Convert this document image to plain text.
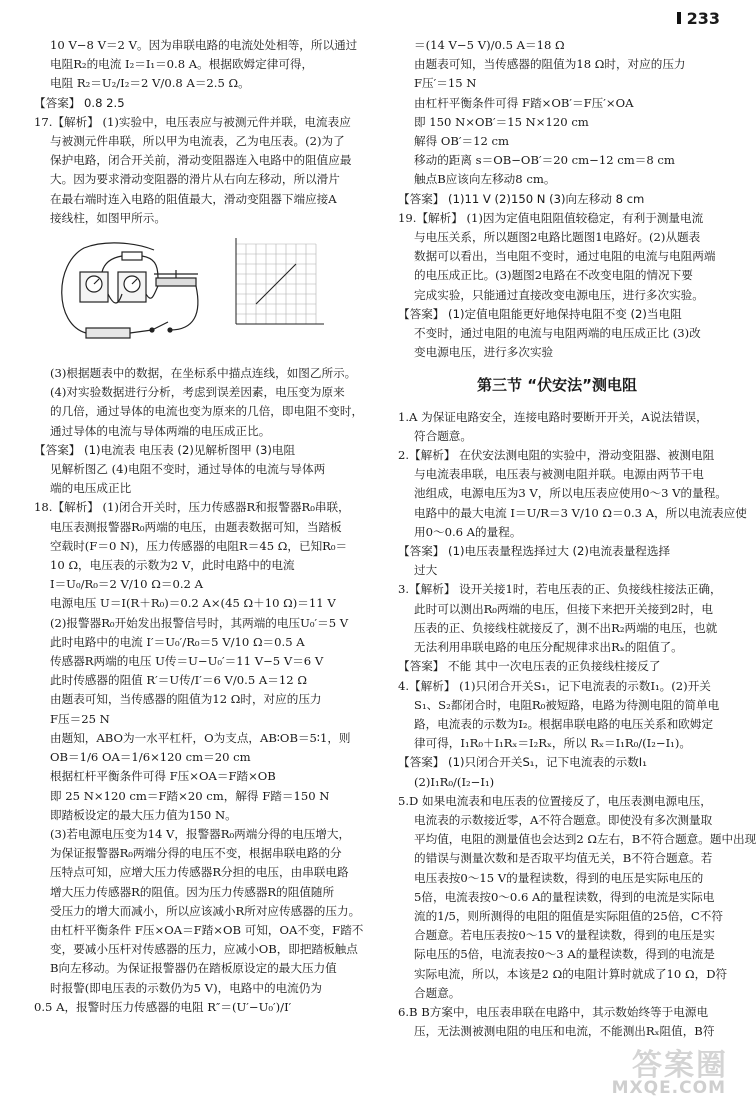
233
10 V−8 V＝2 V。因为串联电路的电流处处相等，所以通过
电阻R₂的电流 I₂＝I₁＝0.8 A。根据欧姆定律可得，
电阻 R₂＝U₂/I₂＝2 V/0.8 A＝2.5 Ω。
【答案】 0.8 2.5
17.【解析】 (1)实验中，电压表应与被测元件并联，电流表应
与被测元件串联，所以甲为电流表，乙为电压表。(2)为了
保护电路，闭合开关前，滑动变阻器连入电路中的阻值应最
大。因为要求滑动变阻器的滑片从右向左移动，所以滑片
在最右端时连入电路的阻值最大，滑动变阻器下端应接A
接线柱，如图甲所示。
(3)根据题表中的数据，在坐标系中描点连线，如图乙所示。
(4)对实验数据进行分析，考虑到误差因素，电压变为原来
的几倍，通过导体的电流也变为原来的几倍，即电阻不变时，
通过导体的电流与导体两端的电压成正比。
【答案】 (1)电流表 电压表 (2)见解析图甲 (3)电阻
见解析图乙 (4)电阻不变时，通过导体的电流与导体两
端的电压成正比
18.【解析】 (1)闭合开关时，压力传感器R和报警器R₀串联，
电压表测报警器R₀两端的电压，由题表数据可知，当踏板
空载时(F＝0 N)，压力传感器的电阻R＝45 Ω，已知R₀＝
10 Ω，电压表的示数为2 V，此时电路中的电流
I＝U₀/R₀＝2 V/10 Ω＝0.2 A
电源电压 U＝I(R＋R₀)＝0.2 A×(45 Ω＋10 Ω)＝11 V
(2)报警器R₀开始发出报警信号时，其两端的电压U₀′＝5 V
此时电路中的电流 I′＝U₀′/R₀＝5 V/10 Ω＝0.5 A
传感器R两端的电压 U传＝U−U₀′＝11 V−5 V＝6 V
此时传感器的阻值 R′＝U传/I′＝6 V/0.5 A＝12 Ω
由题表可知，当传感器的阻值为12 Ω时，对应的压力
F压＝25 N
由题知，ABO为一水平杠杆，O为支点，AB∶OB＝5∶1，则
OB＝1/6 OA＝1/6×120 cm＝20 cm
根据杠杆平衡条件可得 F压×OA＝F踏×OB
即 25 N×120 cm＝F踏×20 cm，解得 F踏＝150 N
即踏板设定的最大压力值为150 N。
(3)若电源电压变为14 V，报警器R₀两端分得的电压增大，
为保证报警器R₀两端分得的电压不变，根据串联电路的分
压特点可知，应增大压力传感器R分担的电压，由串联电路
增大压力传感器R的阻值。因为压力传感器R的阻值随所
受压力的增大而减小，所以应该减小R所对应传感器的压力。
由杠杆平衡条件 F压×OA＝F踏×OB 可知，OA不变，F踏不
变，要减小压杆对传感器的压力，应减小OB，即把踏板触点
B向左移动。为保证报警器仍在踏板原设定的最大压力值
时报警(即电压表的示数仍为5 V)，电路中的电流仍为
0.5 A，报警时压力传感器的电阻 R″＝(U′−U₀′)/I′
＝(14 V−5 V)/0.5 A＝18 Ω
由题表可知，当传感器的阻值为18 Ω时，对应的压力
F压′＝15 N
由杠杆平衡条件可得 F踏×OB′＝F压′×OA
即 150 N×OB′＝15 N×120 cm
解得 OB′＝12 cm
移动的距离 s＝OB−OB′＝20 cm−12 cm＝8 cm
触点B应该向左移动8 cm。
【答案】 (1)11 V (2)150 N (3)向左移动 8 cm
19.【解析】 (1)因为定值电阻阻值较稳定，有利于测量电流
与电压关系，所以题图2电路比题图1电路好。(2)从题表
数据可以看出，当电阻不变时，通过电阻的电流与电阻两端
的电压成正比。(3)题图2电路在不改变电阻的情况下要
完成实验，只能通过直接改变电源电压，进行多次实验。
【答案】 (1)定值电阻能更好地保持电阻不变 (2)当电阻
不变时，通过电阻的电流与电阻两端的电压成正比 (3)改
变电源电压，进行多次实验
第三节 “伏安法”测电阻
1.A 为保证电路安全，连接电路时要断开开关，A说法错误，
符合题意。
2.【解析】 在伏安法测电阻的实验中，滑动变阻器、被测电阻
与电流表串联，电压表与被测电阻并联。电源由两节干电
池组成，电源电压为3 V，所以电压表应使用0～3 V的量程。
电路中的最大电流 I＝U/R＝3 V/10 Ω＝0.3 A，所以电流表应使
用0～0.6 A的量程。
【答案】 (1)电压表量程选择过大 (2)电流表量程选择
过大
3.【解析】 设开关接1时，若电压表的正、负接线柱接法正确，
此时可以测出R₀两端的电压，但接下来把开关接到2时，电
压表的正、负接线柱就接反了，测不出R₂两端的电压，也就
无法利用串联电路的电压分配规律求出Rₓ的阻值了。
【答案】 不能 其中一次电压表的正负接线柱接反了
4.【解析】 (1)只闭合开关S₁，记下电流表的示数I₁。(2)开关
S₁、S₂都闭合时，电阻R₀被短路，电路为待测电阻的简单电
路，电流表的示数为I₂。根据串联电路的电压关系和欧姆定
律可得，I₁R₀＋I₁Rₓ＝I₂Rₓ，所以 Rₓ＝I₁R₀/(I₂−I₁)。
【答案】 (1)只闭合开关S₁，记下电流表的示数I₁
(2)I₁R₀/(I₂−I₁)
5.D 如果电流表和电压表的位置接反了，电压表测电源电压，
电流表的示数接近零，A不符合题意。即使没有多次测量取
平均值，电阻的测量值也会达到2 Ω左右，B不符合题意。题中出现
的错误与测量次数和是否取平均值无关，B不符合题意。若
电压表按0～15 V的量程读数，得到的电压是实际电压的
5倍，电流表按0～0.6 A的量程读数，得到的电流是实际电
流的1/5，则所测得的电阻的阻值是实际阻值的25倍，C不符
合题意。若电压表按0～15 V的量程读数，得到的电压是实
际电压的5倍，电流表按0～3 A的量程读数，得到的电流是
实际电流，所以，本该是2 Ω的电阻计算时就成了10 Ω，D符
合题意。
6.B B方案中，电压表串联在电路中，其示数始终等于电源电
压，无法测被测电阻的电压和电流，不能测出Rₓ阻值，B符
答案圈
MXQE.COM
